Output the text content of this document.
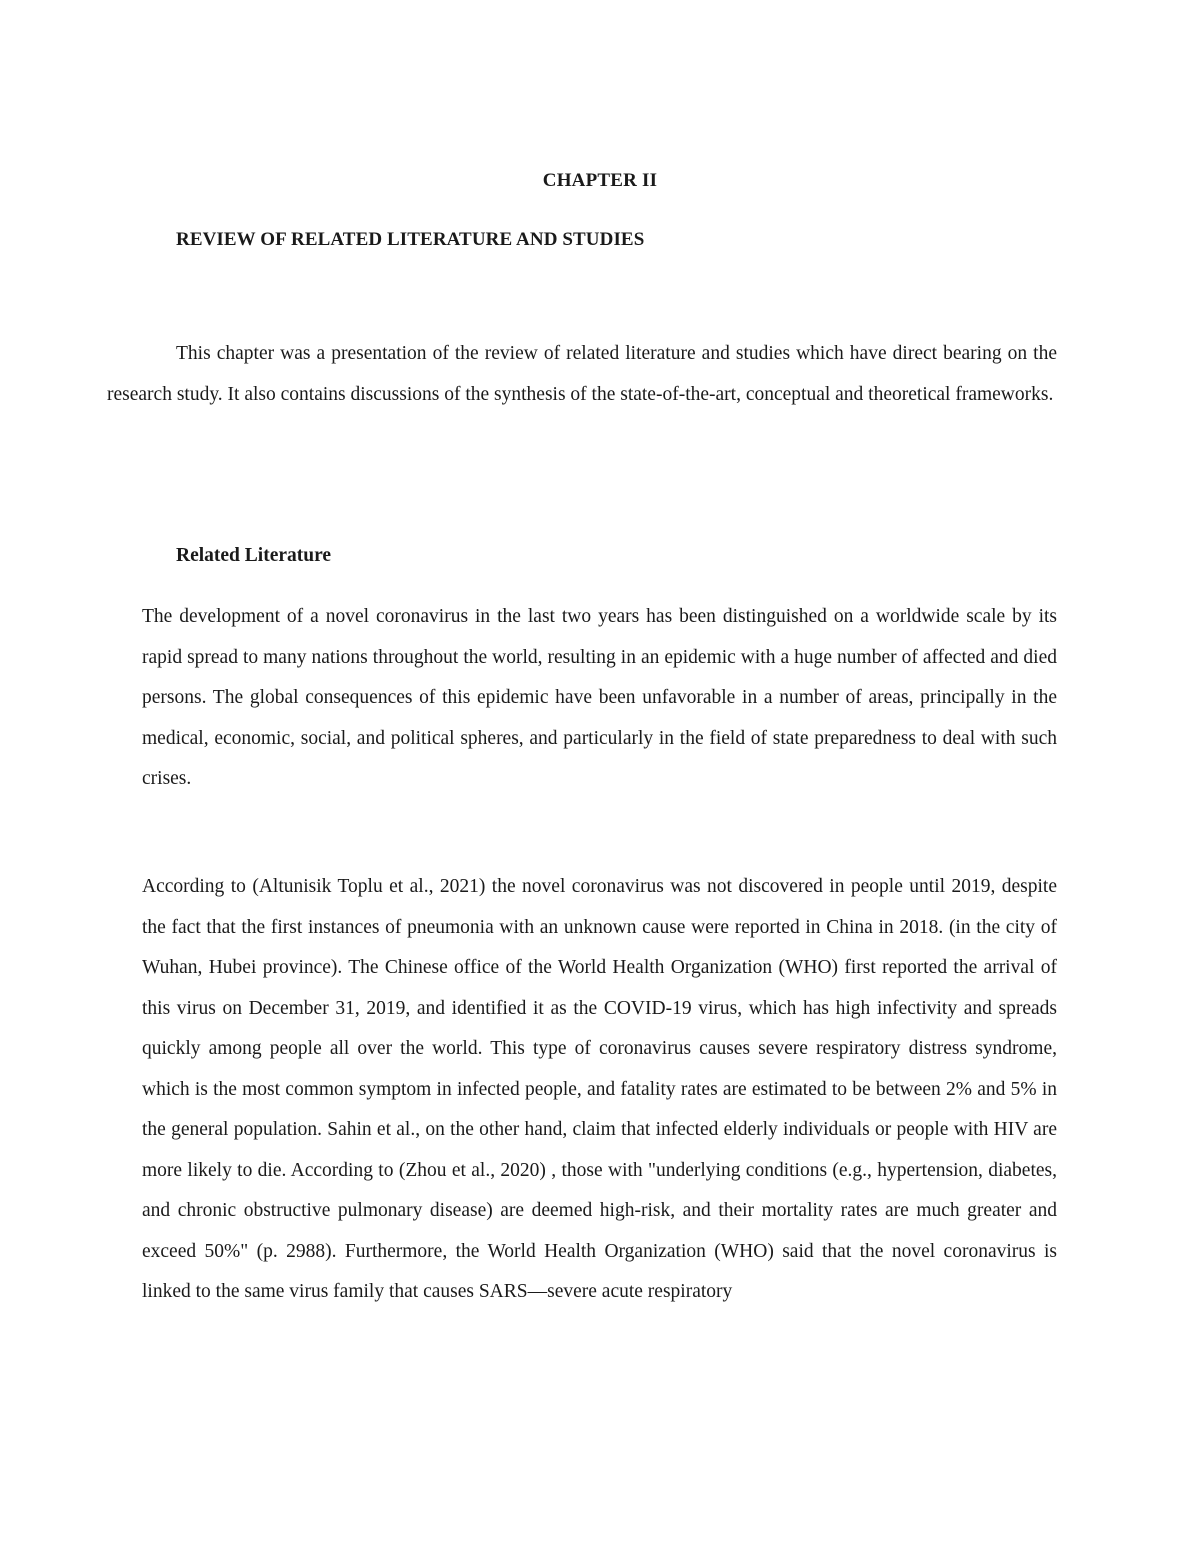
CHAPTER II
REVIEW OF RELATED LITERATURE AND STUDIES

This chapter was a presentation of the review of related literature and studies which have direct bearing on the research study. It also contains discussions of the synthesis of the state-of-the-art, conceptual and theoretical frameworks.

Related Literature

The development of a novel coronavirus in the last two years has been distinguished on a worldwide scale by its rapid spread to many nations throughout the world, resulting in an epidemic with a huge number of affected and died persons. The global consequences of this epidemic have been unfavorable in a number of areas, principally in the medical, economic, social, and political spheres, and particularly in the field of state preparedness to deal with such crises.

According to (Altunisik Toplu et al., 2021) the novel coronavirus was not discovered in people until 2019, despite the fact that the first instances of pneumonia with an unknown cause were reported in China in 2018. (in the city of Wuhan, Hubei province). The Chinese office of the World Health Organization (WHO) first reported the arrival of this virus on December 31, 2019, and identified it as the COVID-19 virus, which has high infectivity and spreads quickly among people all over the world. This type of coronavirus causes severe respiratory distress syndrome, which is the most common symptom in infected people, and fatality rates are estimated to be between 2% and 5% in the general population. Sahin et al., on the other hand, claim that infected elderly individuals or people with HIV are more likely to die. According to (Zhou et al., 2020) , those with "underlying conditions (e.g., hypertension, diabetes, and chronic obstructive pulmonary disease) are deemed high-risk, and their mortality rates are much greater and exceed 50%" (p. 2988). Furthermore, the World Health Organization (WHO) said that the novel coronavirus is linked to the same virus family that causes SARS—severe acute respiratory
